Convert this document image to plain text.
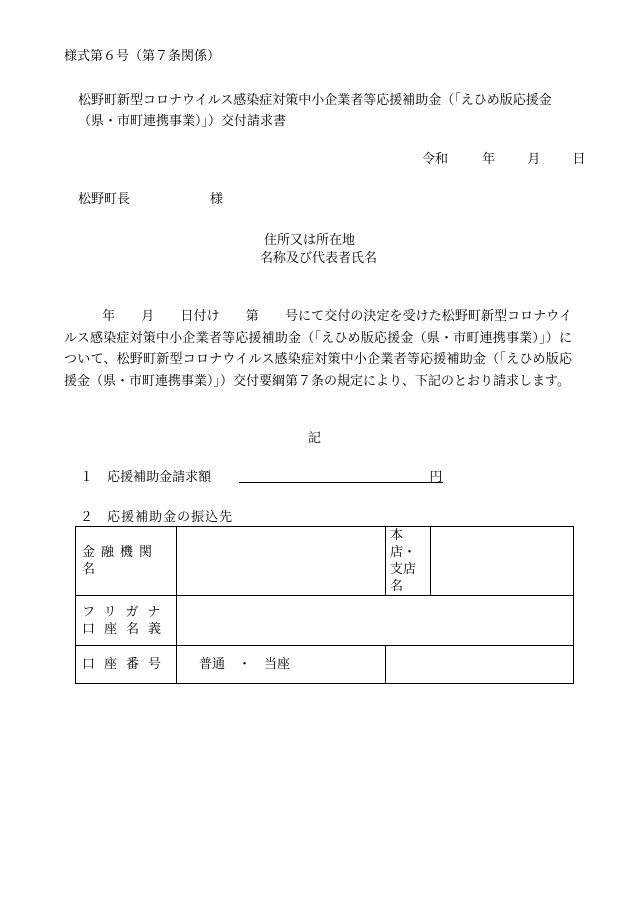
様式第６号（第７条関係）
松野町新型コロナウイルス感染症対策中小企業者等応援補助金（「えひめ版応援金（県・市町連携事業）」）交付請求書
令和	年 月 日
松野町長	様
住所又は所在地
名称及び代表者氏名
年　　月　　日付け　　第　　号にて交付の決定を受けた松野町新型コロナウイルス感染症対策中小企業者等応援補助金（「えひめ版応援金（県・市町連携事業）」）について、松野町新型コロナウイルス感染症対策中小企業者等応援補助金（「えひめ版応援金（県・市町連携事業）」）交付要綱第７条の規定により、下記のとおり請求します。
記
１ 応援補助金請求額	円
２ 応援補助金の振込先
金融機関名		本店・
支店名	

フリガナ
口座名義			

口座番号	普通　・　当座		
